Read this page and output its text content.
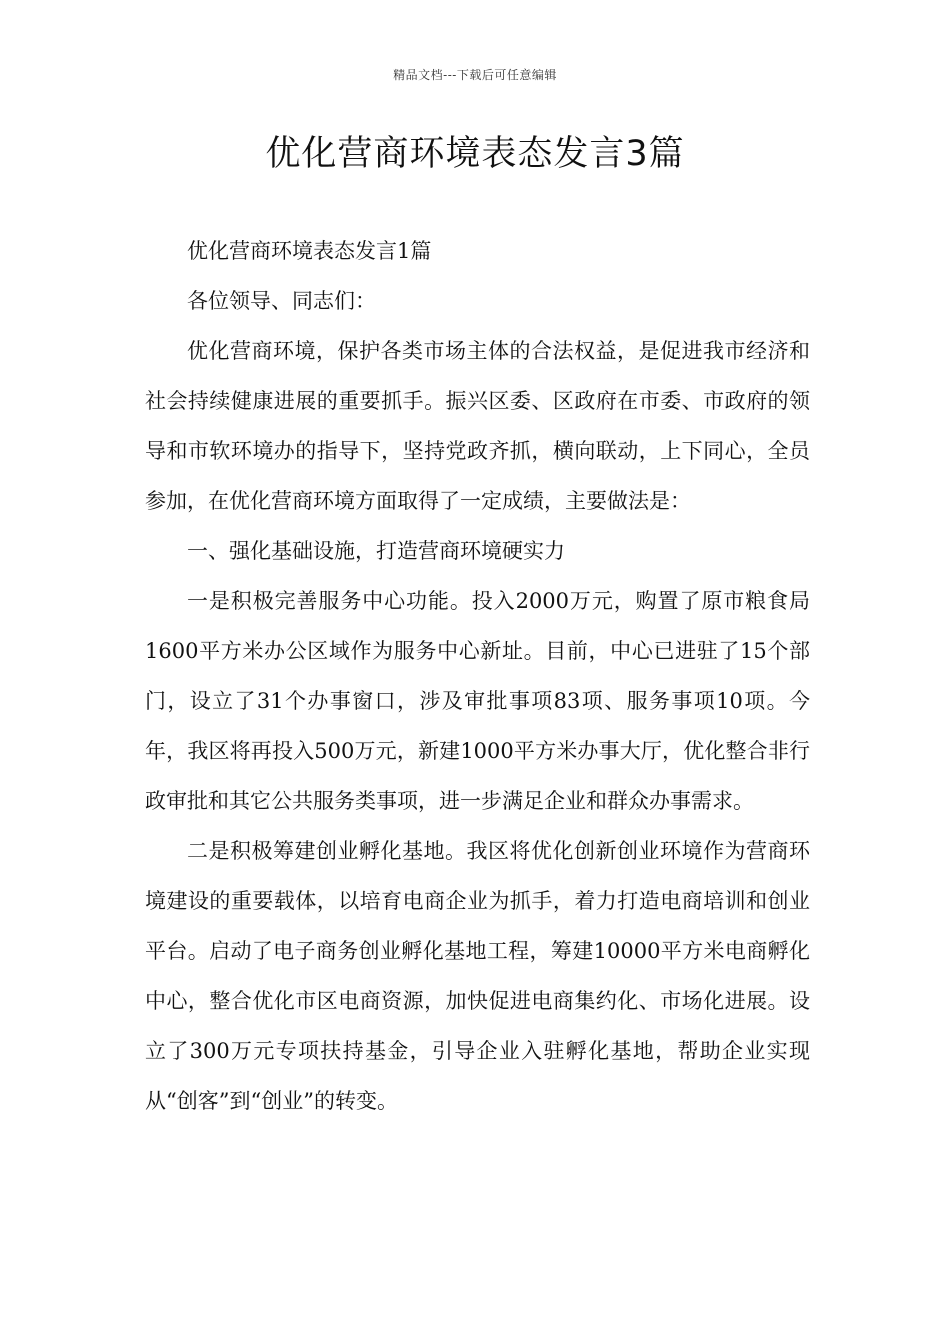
精品文档---下载后可任意编辑
优化营商环境表态发言3篇

优化营商环境表态发言1篇

各位领导、同志们：

优化营商环境，保护各类市场主体的合法权益，是促进我市经济和社会持续健康进展的重要抓手。振兴区委、区政府在市委、市政府的领导和市软环境办的指导下，坚持党政齐抓，横向联动，上下同心，全员参加，在优化营商环境方面取得了一定成绩，主要做法是：

一、强化基础设施，打造营商环境硬实力

一是积极完善服务中心功能。投入2000万元，购置了原市粮食局1600平方米办公区域作为服务中心新址。目前，中心已进驻了15个部门，设立了31个办事窗口，涉及审批事项83项、服务事项10项。今年，我区将再投入500万元，新建1000平方米办事大厅，优化整合非行政审批和其它公共服务类事项，进一步满足企业和群众办事需求。

二是积极筹建创业孵化基地。我区将优化创新创业环境作为营商环境建设的重要载体，以培育电商企业为抓手，着力打造电商培训和创业平台。启动了电子商务创业孵化基地工程，筹建10000平方米电商孵化中心，整合优化市区电商资源，加快促进电商集约化、市场化进展。设立了300万元专项扶持基金，引导企业入驻孵化基地，帮助企业实现从“创客”到“创业”的转变。
